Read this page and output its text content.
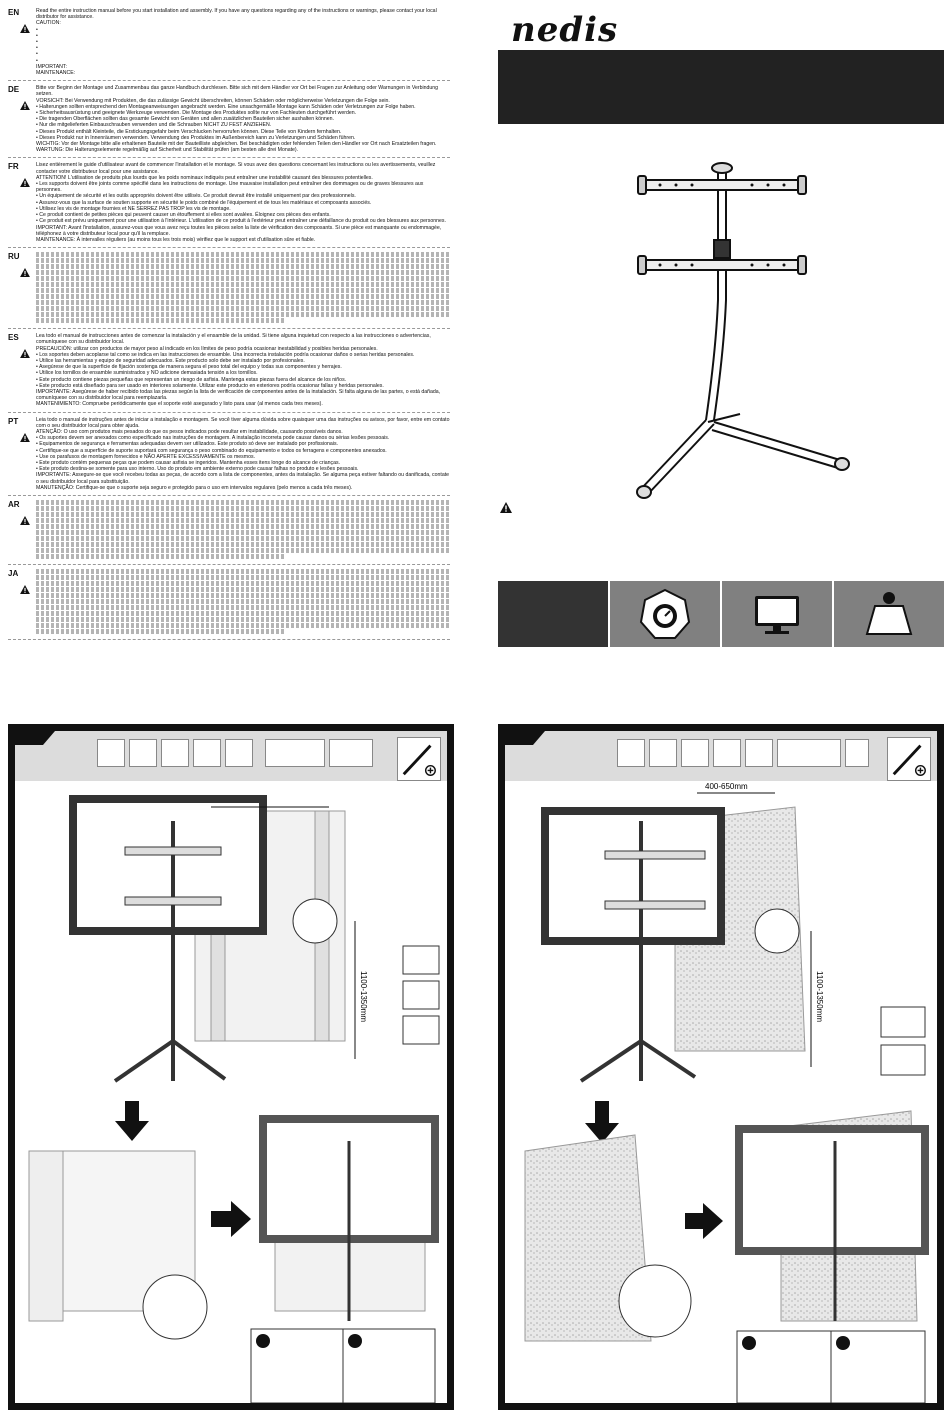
EN	Read the entire instruction manual before you start installation and assembly. If you have any questions regarding any of the instructions or warnings, please contact your local distributor for assistance.
CAUTION:
•
•
•
•
•
•
IMPORTANT:
MAINTENANCE:
DE	Bitte vor Beginn der Montage und Zusammenbau das ganze Handbuch durchlesen. Bitte sich mit dem Händler vor Ort bei Fragen zur Anleitung oder Warnungen in Verbindung setzen.
VORSICHT: Bei Verwendung mit Produkten, die das zulässige Gewicht überschreiten, können Schäden oder möglicherweise Verletzungen die Folge sein.
• Halterungen sollten entsprechend den Montageanweisungen angebracht werden. Eine unsachgemäße Montage kann Schäden oder Verletzungen zur Folge haben.
• Sicherheitsausrüstung und geeignete Werkzeuge verwenden. Die Montage des Produktes sollte nur von Fachleuten durchgeführt werden.
• Die tragenden Oberflächen sollten das gesamte Gewicht von Geräten und allen zusätzlichen Bauteilen sicher aushalten können.
• Nur die mitgelieferten Einbauschrauben verwenden und die Schrauben NICHT ZU FEST ANZIEHEN.
• Dieses Produkt enthält Kleinteile, die Erstickungsgefahr beim Verschlucken hervorrufen können. Diese Teile von Kindern fernhalten.
• Dieses Produkt nur in Innenräumen verwenden. Verwendung des Produktes im Außenbereich kann zu Verletzungen und Schäden führen.
WICHTIG: Vor der Montage bitte alle erhaltenen Bauteile mit der Bauteilliste abgleichen. Bei beschädigten oder fehlenden Teilen den Händler vor Ort nach Ersatzteilen fragen.
WARTUNG: Die Halterungselemente regelmäßig auf Sicherheit und Stabilität prüfen (am besten alle drei Monate).
FR	Lisez entièrement le guide d'utilisateur avant de commencer l'installation et le montage. Si vous avez des questions concernant les instructions ou les avertissements, veuillez contacter votre distributeur local pour une assistance.
ATTENTION! L'utilisation de produits plus lourds que les poids nominaux indiqués peut entraîner une instabilité causant des blessures potentielles.
• Les supports doivent être joints comme spécifié dans les instructions de montage. Une mauvaise installation peut entraîner des dommages ou de graves blessures aux personnes.
• Un équipement de sécurité et les outils appropriés doivent être utilisés. Ce produit devrait être installé uniquement par des professionnels.
• Assurez-vous que la surface de soutien supporte en sécurité le poids combiné de l'équipement et de tous les matériaux et composants associés.
• Utilisez les vis de montage fournies et NE SERREZ PAS TROP les vis de montage.
• Ce produit contient de petites pièces qui peuvent causer un étouffement si elles sont avalées. Éloignez ces pièces des enfants.
• Ce produit est prévu uniquement pour une utilisation à l'intérieur. L'utilisation de ce produit à l'extérieur peut entraîner une défaillance du produit ou des blessures aux personnes.
IMPORTANT: Avant l'installation, assurez-vous que vous avez reçu toutes les pièces selon la liste de vérification des composants. Si une pièce est manquante ou endommagée, téléphonez à votre distributeur local pour qu'il la remplace.
MAINTENANCE: À intervalles réguliers (au moins tous les trois mois) vérifiez que le support est d'utilisation sûre et fiable.
RU
ES	Lea todo el manual de instrucciones antes de comenzar la instalación y el ensamble de la unidad. Si tiene alguna inquietud con respecto a las instrucciones o advertencias, comuníquese con su distribuidor local.
PRECAUCIÓN: utilizar con productos de mayor peso al indicado en los límites de peso podría ocasionar inestabilidad y posibles heridas personales.
• Los soportes deben acoplarse tal como se indica en las instrucciones de ensamble. Una incorrecta instalación podría ocasionar daños o serias heridas personales.
• Utilice las herramientas y equipo de seguridad adecuados. Este producto solo debe ser instalado por profesionales.
• Asegúrese de que la superficie de fijación sostenga de manera segura el peso total del equipo y todas sus componentes y herrajes.
• Utilice los tornillos de ensamble suministrados y NO adicione demasiada tensión a los tornillos.
• Este producto contiene piezas pequeñas que representan un riesgo de asfixia. Mantenga estas piezas fuera del alcance de los niños.
• Este producto está diseñado para ser usado en interiores solamente. Utilizar este producto en exteriores podría ocasionar fallas y heridas personales.
IMPORTANTE: Asegúrese de haber recibido todas las piezas según la lista de verificación de componentes antes de la instalación. Si falta alguna de las partes, o está dañada, comuníquese con su distribuidor local para reemplazarla.
MANTENIMIENTO: Compruebe periódicamente que el soporte esté asegurado y listo para usar (al menos cada tres meses).
PT	Leia todo o manual de instruções antes de iniciar a instalação e montagem. Se você tiver alguma dúvida sobre quaisquer uma das instruções ou avisos, por favor, entre em contato com o seu distribuidor local para obter ajuda.
ATENÇÃO: O uso com produtos mais pesados do que os pesos indicados pode resultar em instabilidade, causando possíveis danos.
• Os suportes devem ser anexados como especificado nas instruções de montagem. A instalação incorreta pode causar danos ou sérias lesões pessoais.
• Equipamentos de segurança e ferramentas adequadas devem ser utilizados. Este produto só deve ser instalado por profissionais.
• Certifique-se que a superfície de suporte suportará com segurança o peso combinado do equipamento e todos os ferragens e componentes anexados.
• Use os parafusos de montagem fornecidos e NÃO APERTE EXCESSIVAMENTE os mesmos.
• Este produto contém pequenas peças que podem causar asfixia se ingeridos. Mantenha esses itens longe do alcance de crianças.
• Este produto destina-se somente para uso interno. Uso do produto em ambiente externo pode causar falhas no produto e lesões pessoais.
IMPORTANTE: Assegure-se que você recebeu todas as peças, de acordo com a lista de componentes, antes da instalação. Se alguma peça estiver faltando ou danificada, contate o seu distribuidor local para substituição.
MANUTENÇÃO: Certifique-se que o suporte seja seguro e protegido para o uso em intervalos regulares (pelo menos a cada três meses).
AR
JA
nedis
1100-1350mm
400-650mm
1100-1350mm
